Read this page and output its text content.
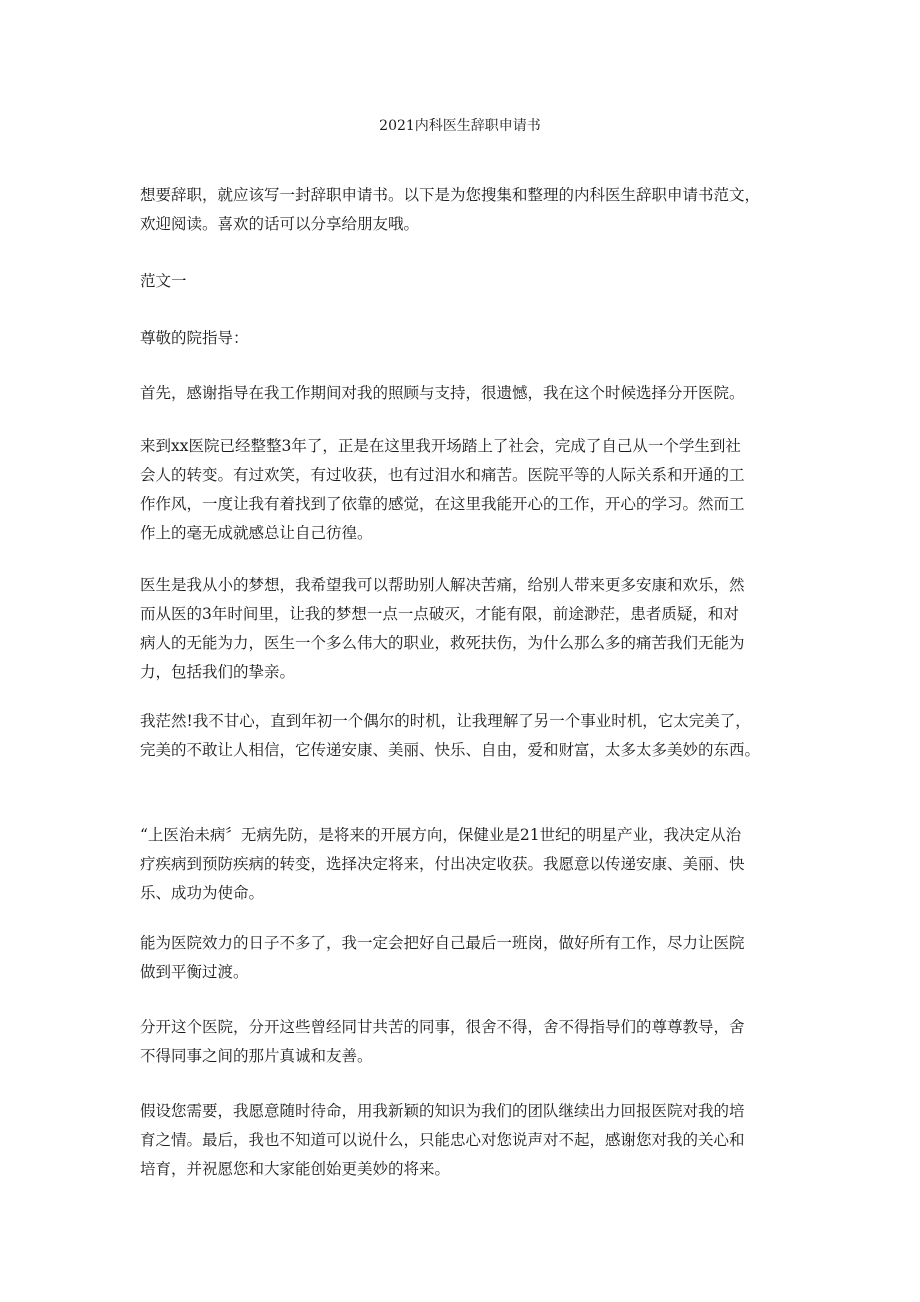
2021内科医生辞职申请书

想要辞职，就应该写一封辞职申请书。以下是为您搜集和整理的内科医生辞职申请书范文，
欢迎阅读。喜欢的话可以分享给朋友哦。

范文一

尊敬的院指导：

首先，感谢指导在我工作期间对我的照顾与支持，很遗憾，我在这个时候选择分开医院。

来到xx医院已经整整3年了，正是在这里我开场踏上了社会，完成了自己从一个学生到社
会人的转变。有过欢笑，有过收获，也有过泪水和痛苦。医院平等的人际关系和开通的工
作作风，一度让我有着找到了依靠的感觉，在这里我能开心的工作，开心的学习。然而工
作上的毫无成就感总让自己彷徨。

医生是我从小的梦想，我希望我可以帮助别人解决苦痛，给别人带来更多安康和欢乐，然
而从医的3年时间里，让我的梦想一点一点破灭，才能有限，前途渺茫，患者质疑，和对
病人的无能为力，医生一个多么伟大的职业，救死扶伤，为什么那么多的痛苦我们无能为
力，包括我们的挚亲。

我茫然!我不甘心，直到年初一个偶尔的时机，让我理解了另一个事业时机，它太完美了，
完美的不敢让人相信，它传递安康、美丽、快乐、自由，爱和财富，太多太多美妙的东西。

“上医治未病〞无病先防，是将来的开展方向，保健业是21世纪的明星产业，我决定从治
疗疾病到预防疾病的转变，选择决定将来，付出决定收获。我愿意以传递安康、美丽、快
乐、成功为使命。

能为医院效力的日子不多了，我一定会把好自己最后一班岗，做好所有工作，尽力让医院
做到平衡过渡。

分开这个医院，分开这些曾经同甘共苦的同事，很舍不得，舍不得指导们的尊尊教导，舍
不得同事之间的那片真诚和友善。

假设您需要，我愿意随时待命，用我新颖的知识为我们的团队继续出力回报医院对我的培
育之情。最后，我也不知道可以说什么，只能忠心对您说声对不起，感谢您对我的关心和
培育，并祝愿您和大家能创始更美妙的将来。
